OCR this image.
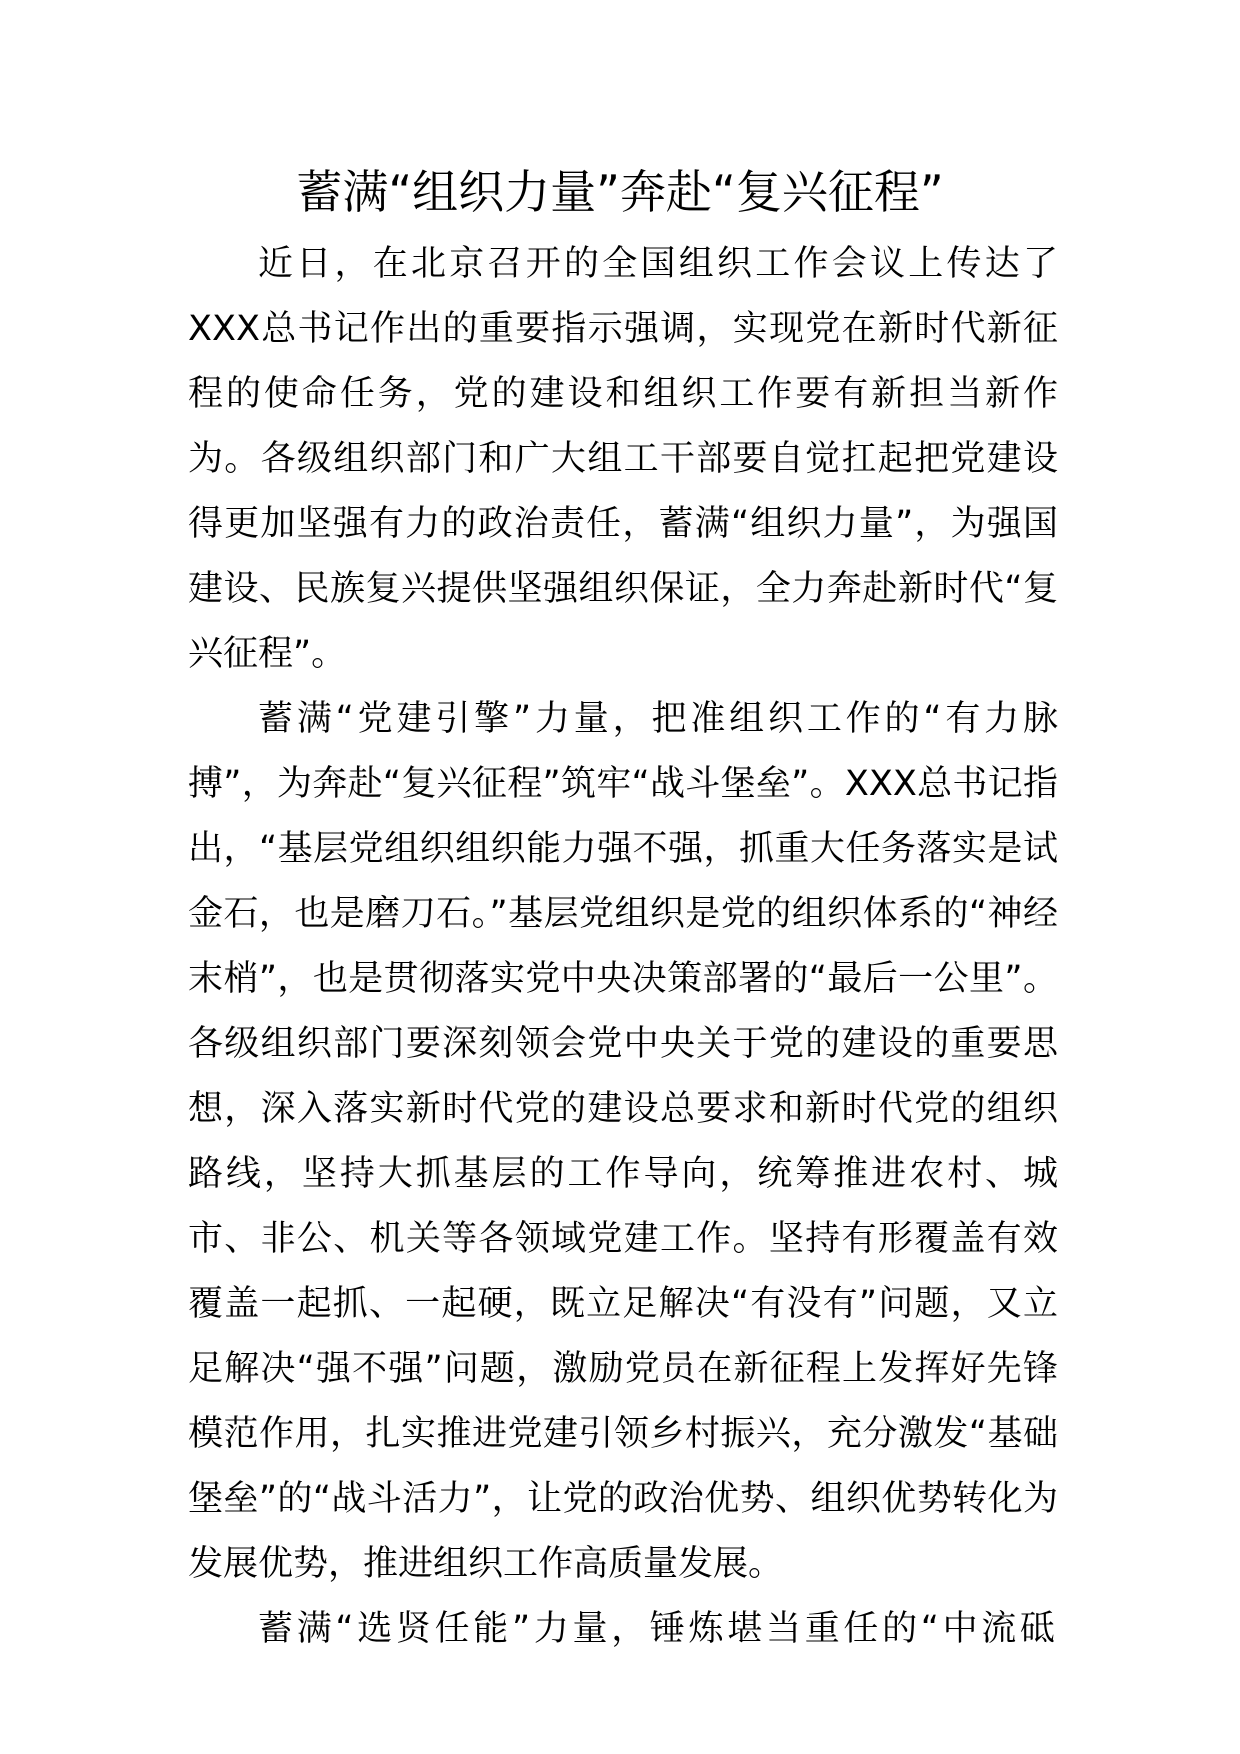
蓄满“组织力量”奔赴“复兴征程”

近日，在北京召开的全国组织工作会议上传达了XXX总书记作出的重要指示强调，实现党在新时代新征程的使命任务，党的建设和组织工作要有新担当新作为。各级组织部门和广大组工干部要自觉扛起把党建设得更加坚强有力的政治责任，蓄满“组织力量”，为强国建设、民族复兴提供坚强组织保证，全力奔赴新时代“复兴征程”。

蓄满“党建引擎”力量，把准组织工作的“有力脉搏”，为奔赴“复兴征程”筑牢“战斗堡垒”。XXX总书记指出，“基层党组织组织能力强不强，抓重大任务落实是试金石，也是磨刀石。”基层党组织是党的组织体系的“神经末梢”，也是贯彻落实党中央决策部署的“最后一公里”。各级组织部门要深刻领会党中央关于党的建设的重要思想，深入落实新时代党的建设总要求和新时代党的组织路线，坚持大抓基层的工作导向，统筹推进农村、城市、非公、机关等各领域党建工作。坚持有形覆盖有效覆盖一起抓、一起硬，既立足解决“有没有”问题，又立足解决“强不强”问题，激励党员在新征程上发挥好先锋模范作用，扎实推进党建引领乡村振兴，充分激发“基础堡垒”的“战斗活力”，让党的政治优势、组织优势转化为发展优势，推进组织工作高质量发展。

蓄满“选贤任能”力量，锤炼堪当重任的“中流砥
